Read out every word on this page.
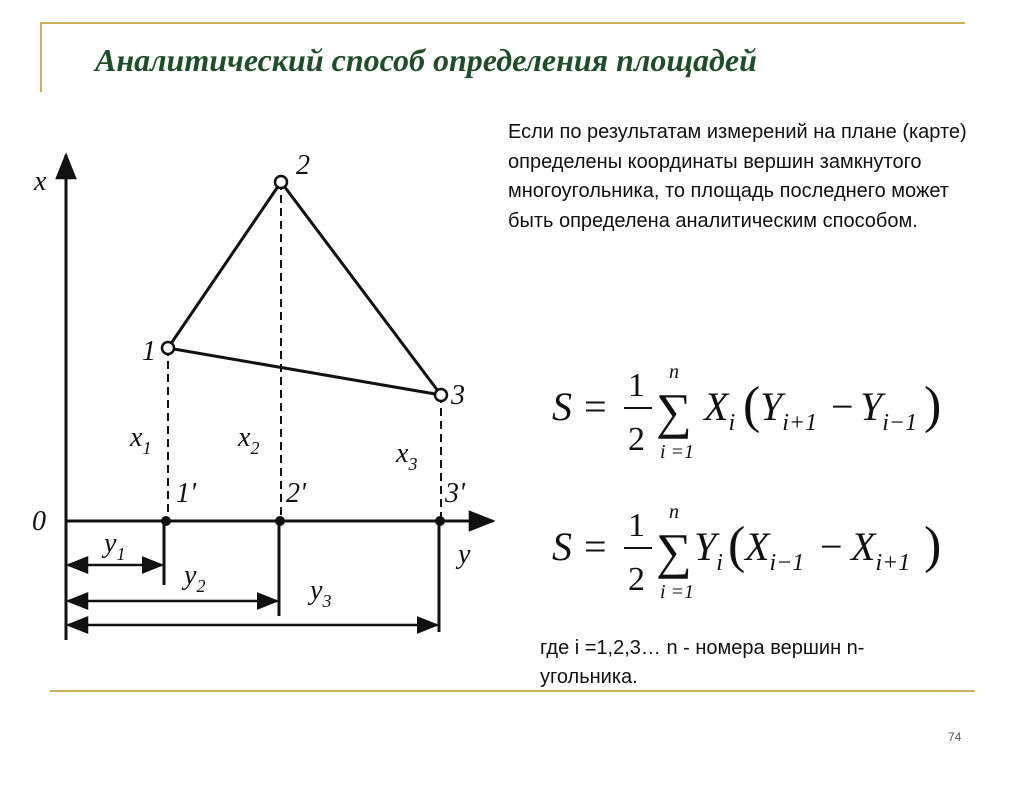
Аналитический способ определения площадей
x
y
0
1
2
3
$x_1$	$x_2$	$x_3$
1'	2'	3'
$y_1$
$y_2$	$y_3$
Если по результатам измерений на плане (карте) определены координаты вершин замкнутого многоугольника, то площадь последнего может быть определена аналитическим способом.
S = 1
2
n
∑
i =1
$X_i$ ( $Y_{i+1} - Y_{i-1}$ )
S = 1
2
n
∑
i =1
$Y_i$ ( $X_{i-1} - X_{i+1}$ )
где i =1,2,3… n - номера вершин n-угольника.
74
